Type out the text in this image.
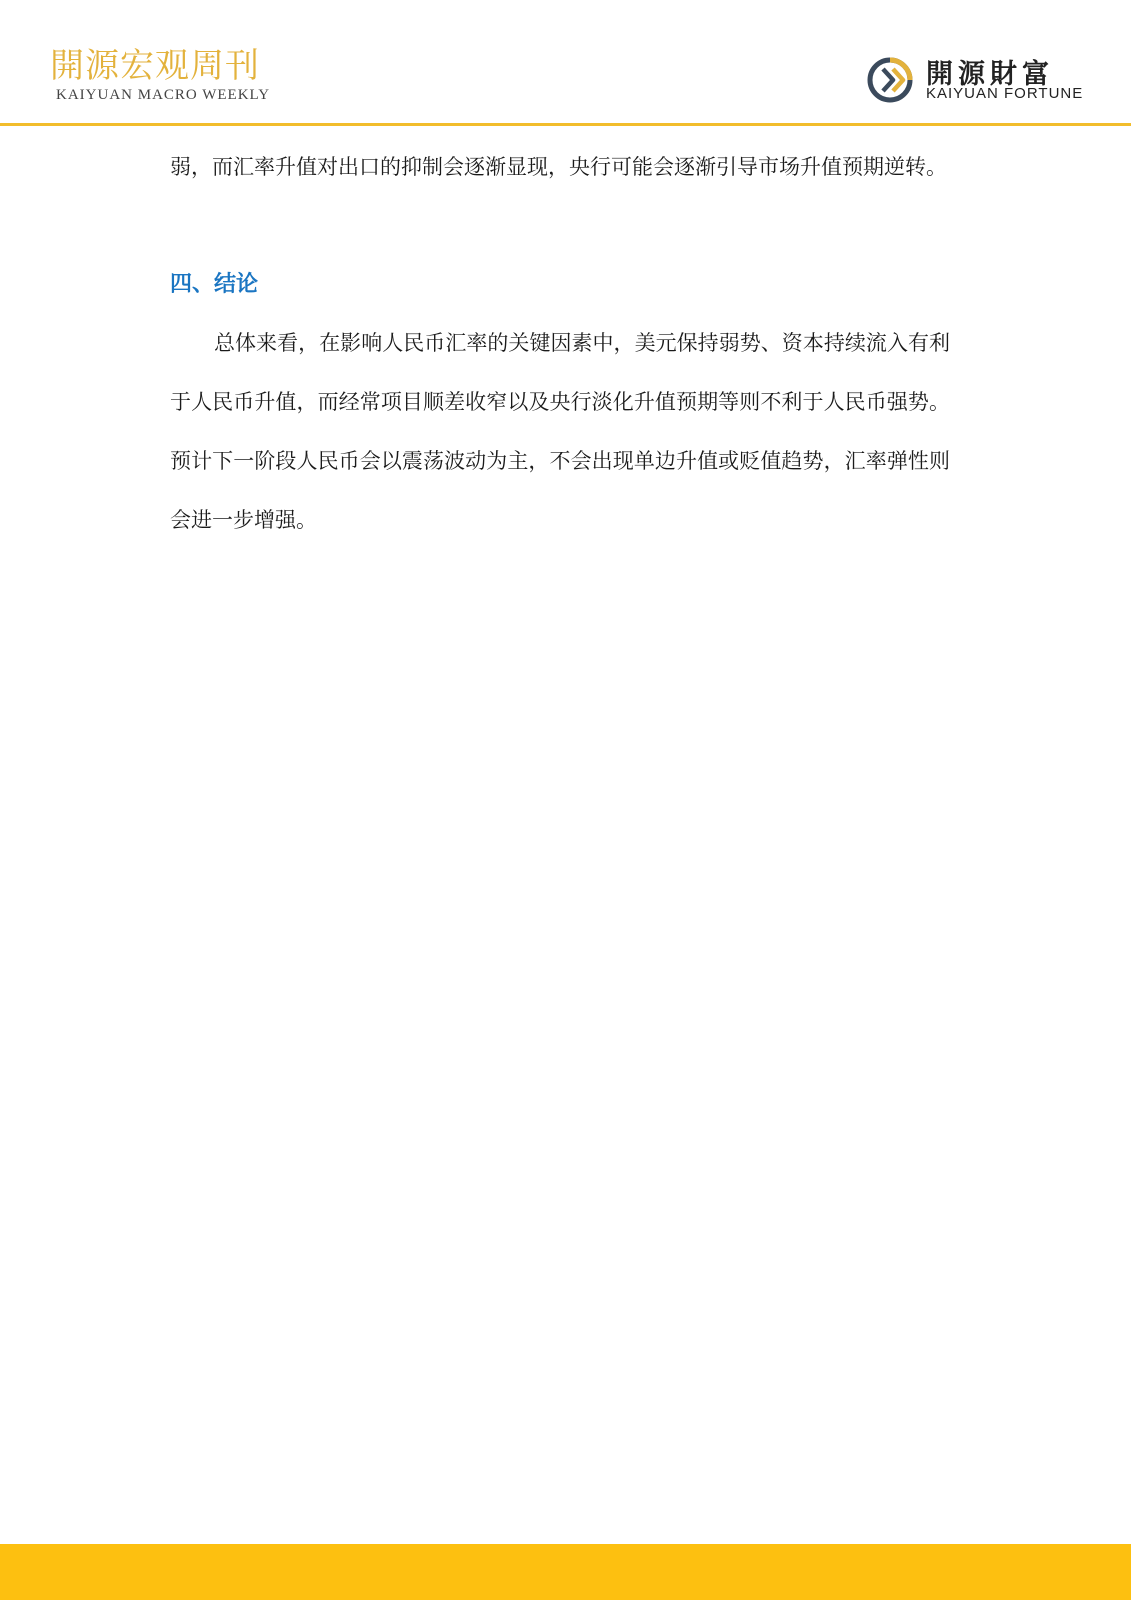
開源宏观周刊
KAIYUAN MACRO WEEKLY
開源財富
KAIYUAN FORTUNE

弱，而汇率升值对出口的抑制会逐渐显现，央行可能会逐渐引导市场升值预期逆转。

四、结论

总体来看，在影响人民币汇率的关键因素中，美元保持弱势、资本持续流入有利于人民币升值，而经常项目顺差收窄以及央行淡化升值预期等则不利于人民币强势。预计下一阶段人民币会以震荡波动为主，不会出现单边升值或贬值趋势，汇率弹性则会进一步增强。
